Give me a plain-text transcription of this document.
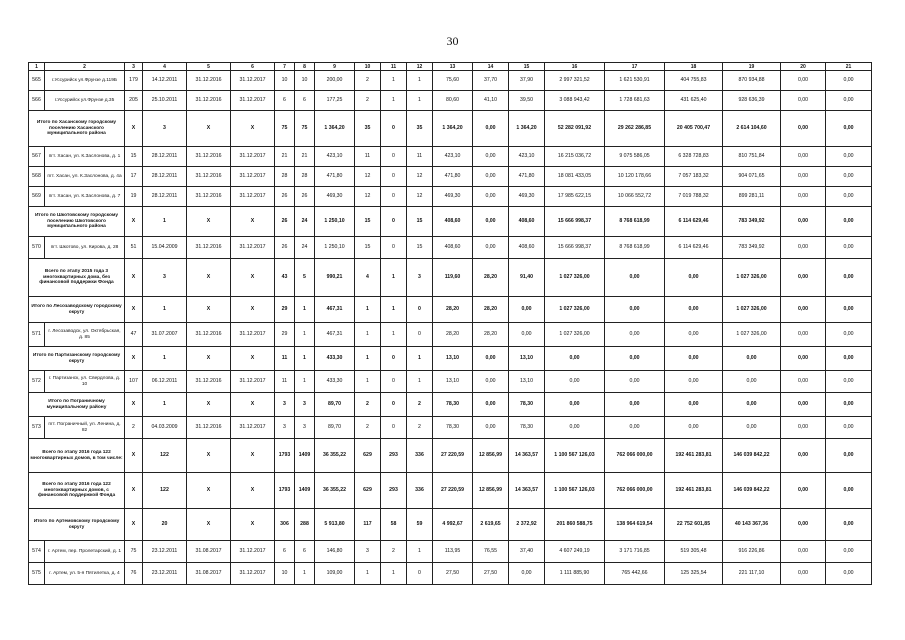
30
1	2	3	4	5	6	7	8	9	10	11	12	13	14	15	16	17	18	19	20	21
565	г.Уссурийск ул.Фрунзе д.119Б	179	14.12.2011	31.12.2016	31.12.2017	10	10	200,00	2	1	1	75,60	37,70	37,90	2 997 321,52	1 621 530,91	404 755,83	870 934,88	0,00	0,00
566	г.Уссурийск ул.Фрунзе д.35	205	25.10.2011	31.12.2016	31.12.2017	6	6	177,25	2	1	1	80,60	41,10	39,50	3 088 943,42	1 728 681,63	431 625,40	928 636,39	0,00	0,00
Итого по Хасанскому городскому поселению Хасанского муниципального района		X	3	X	X	75	75	1 364,20	35	0	35	1 364,20	0,00	1 364,20	52 282 091,92	29 262 286,85	20 405 700,47	2 614 104,60	0,00	0,00
567	пгт. Хасан, ул. К.Заслонова, д. 1	15	28.12.2011	31.12.2016	31.12.2017	21	21	423,10	11	0	11	423,10	0,00	423,10	16 215 036,72	9 075 586,05	6 328 728,83	810 751,84	0,00	0,00
568	пгт. Хасан, ул. К.Заслонова, д. 4а	17	28.12.2011	31.12.2016	31.12.2017	28	28	471,80	12	0	12	471,80	0,00	471,80	18 081 433,05	10 120 178,66	7 057 183,32	904 071,65	0,00	0,00
569	пгт. Хасан, ул. К.Заслонова, д. 7	19	28.12.2011	31.12.2016	31.12.2017	26	26	469,30	12	0	12	469,30	0,00	469,30	17 985 622,15	10 066 552,72	7 019 788,32	899 281,11	0,00	0,00
Итого по Шкотовскому городскому поселению Шкотовского муниципального района		X	1	X	X	26	24	1 250,10	15	0	15	408,60	0,00	408,60	15 666 998,37	8 768 618,99	6 114 629,46	783 349,92	0,00	0,00
570	пгт. Шкотово, ул. Кирова, д. 28	51	15.04.2009	31.12.2016	31.12.2017	26	24	1 250,10	15	0	15	408,60	0,00	408,60	15 666 998,37	8 768 618,99	6 114 629,46	783 349,92	0,00	0,00
Всего по этапу 2015 года 3 многоквартирных дома, без финансовой поддержки Фонда		X	3	X	X	43	5	990,21	4	1	3	119,60	28,20	91,40	1 027 326,00	0,00	0,00	1 027 326,00	0,00	0,00
Итого по Лесозаводскому городскому округу		X	1	X	X	29	1	467,31	1	1	0	28,20	28,20	0,00	1 027 326,00	0,00	0,00	1 027 326,00	0,00	0,00
571	г. Лесозаводск, ул. Октябрьская, д. 85	47	31.07.2007	31.12.2016	31.12.2017	29	1	467,31	1	1	0	28,20	28,20	0,00	1 027 326,00	0,00	0,00	1 027 326,00	0,00	0,00
Итого по Партизанскому городскому округу		X	1	X	X	11	1	433,30	1	0	1	13,10	0,00	13,10	0,00	0,00	0,00	0,00	0,00	0,00
572	г. Партизанск, ул. Свердлова, д. 10	107	06.12.2011	31.12.2016	31.12.2017	11	1	433,30	1	0	1	13,10	0,00	13,10	0,00	0,00	0,00	0,00	0,00	0,00
Итого по Пограничному муниципальному району		X	1	X	X	3	3	89,70	2	0	2	78,30	0,00	78,30	0,00	0,00	0,00	0,00	0,00	0,00
573	пгт. Пограничный, ул. Ленина, д. 82	2	04.03.2009	31.12.2016	31.12.2017	3	3	89,70	2	0	2	78,30	0,00	78,30	0,00	0,00	0,00	0,00	0,00	0,00
Всего по этапу 2016 года 122 многоквартирных домов, в том числе:		X	122	X	X	1793	1409	36 355,22	629	293	336	27 220,59	12 856,99	14 363,57	1 100 567 126,03	762 066 000,00	192 461 283,81	146 039 842,22	0,00	0,00
Всего по этапу 2016 года 122 многоквартирных домов, с финансовой поддержкой Фонда		X	122	X	X	1793	1409	36 355,22	629	293	336	27 220,59	12 856,99	14 363,57	1 100 567 126,03	762 066 000,00	192 461 283,81	146 039 842,22	0,00	0,00
Итого по Артемовскому городскому округу		X	20	X	X	306	288	5 913,80	117	58	59	4 992,67	2 619,65	2 372,92	201 860 588,75	138 964 619,54	22 752 601,85	40 143 367,36	0,00	0,00
574	г. Артем, пер. Пролетарский, д. 1	75	23.12.2011	31.08.2017	31.12.2017	6	6	146,80	3	2	1	113,95	76,55	37,40	4 607 249,19	3 171 716,85	519 305,48	916 226,86	0,00	0,00
575	г. Артем, ул. 5-я Пятилетка, д. 4	76	23.12.2011	31.08.2017	31.12.2017	10	1	109,00	1	1	0	27,50	27,50	0,00	1 111 885,90	765 442,66	125 325,54	221 117,10	0,00	0,00
